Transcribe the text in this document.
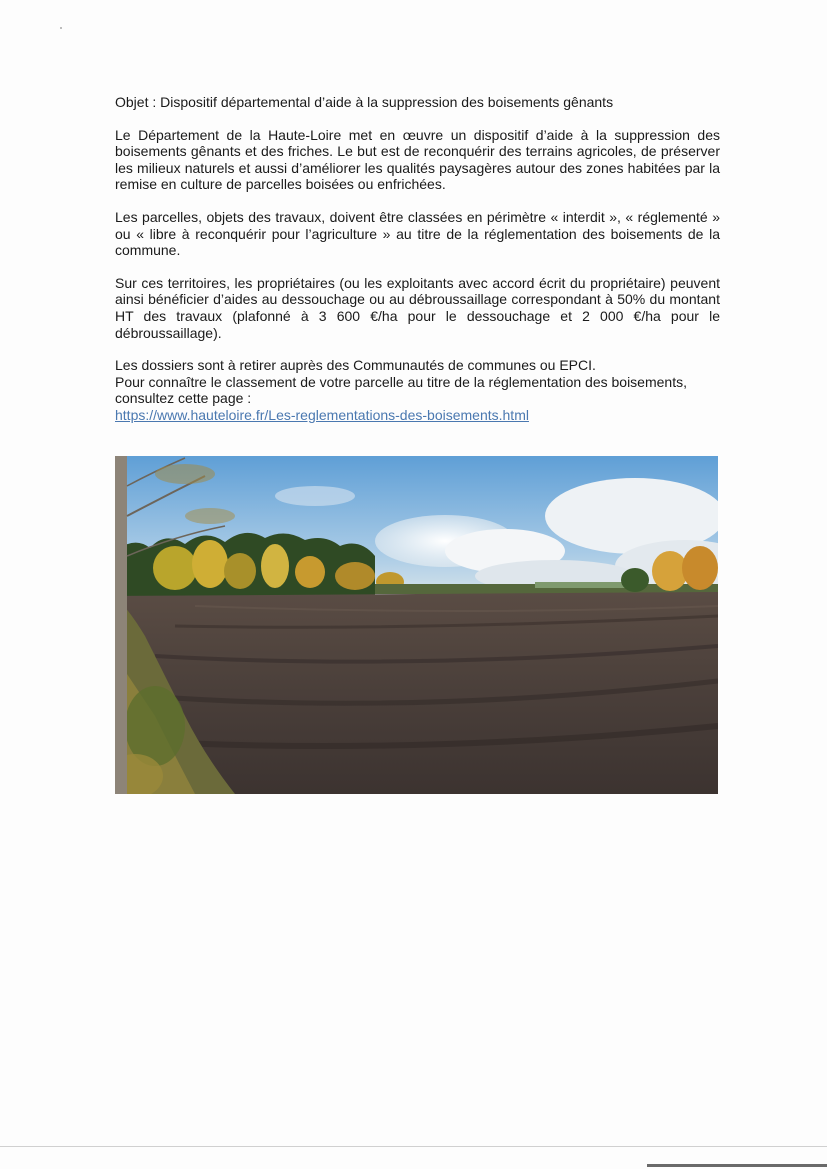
Objet : Dispositif départemental d’aide à la suppression des boisements gênants

Le Département de la Haute-Loire met en œuvre un dispositif d’aide à la suppression des boisements gênants et des friches. Le but est de reconquérir des terrains agricoles, de préserver les milieux naturels et aussi d’améliorer les qualités paysagères autour des zones habitées par la remise en culture de parcelles boisées ou enfrichées.

Les parcelles, objets des travaux, doivent être classées en périmètre « interdit », « réglementé » ou « libre à reconquérir pour l’agriculture » au titre de la réglementation des boisements de la commune.

Sur ces territoires, les propriétaires (ou les exploitants avec accord écrit du propriétaire) peuvent ainsi bénéficier d’aides au dessouchage ou au débroussaillage correspondant à 50% du montant HT des travaux (plafonné à 3 600 €/ha pour le dessouchage et 2 000 €/ha pour le débroussaillage).

Les dossiers sont à retirer auprès des Communautés de communes ou EPCI.

Pour connaître le classement de votre parcelle au titre de la réglementation des boisements, consultez cette page :

https://www.hauteloire.fr/Les-reglementations-des-boisements.html
